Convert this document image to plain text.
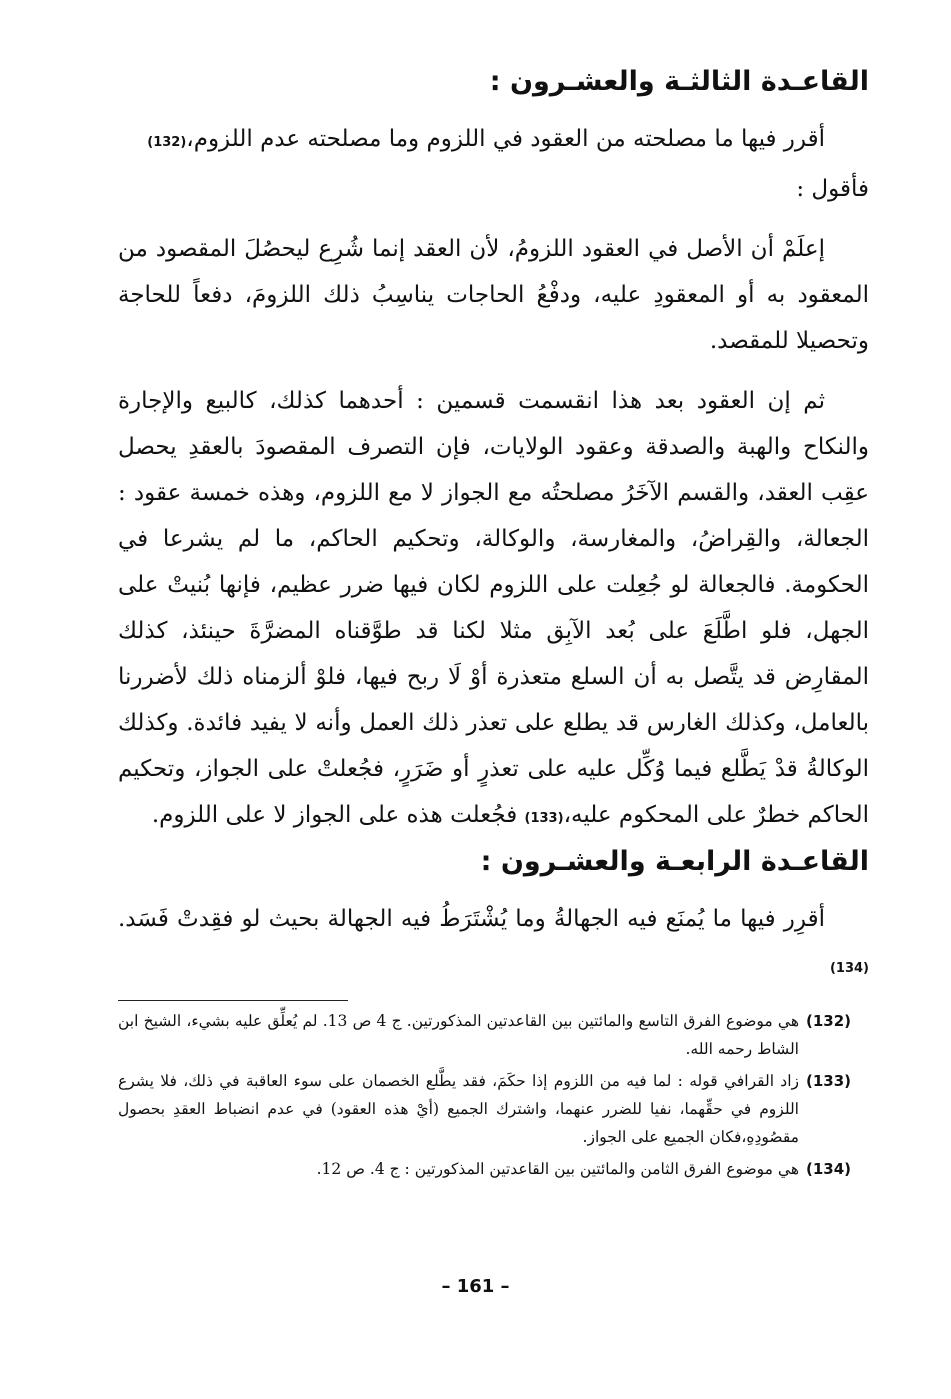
القاعـدة الثالثـة والعشـرون :

أقرر فيها ما مصلحته من العقود في اللزوم وما مصلحته عدم اللزوم،(132)

فأقول :

إعلَمْ أن الأصل في العقود اللزومُ، لأن العقد إنما شُرِع ليحصُلَ المقصود من المعقود به أو المعقودِ عليه، ودفْعُ الحاجات يناسِبُ ذلك اللزومَ، دفعاً للحاجة وتحصيلا للمقصد.

ثم إن العقود بعد هذا انقسمت قسمين : أحدهما كذلك، كالبيع والإجارة والنكاح والهبة والصدقة وعقود الولايات، فإن التصرف المقصودَ بالعقدِ يحصل عقِب العقد، والقسم الآخَرُ مصلحتُه مع الجواز لا مع اللزوم، وهذه خمسة عقود : الجعالة، والقِراضُ، والمغارسة، والوكالة، وتحكيم الحاكم، ما لم يشرعا في الحكومة. فالجعالة لو جُعِلت على اللزوم لكان فيها ضرر عظيم، فإنها بُنيتْ على الجهل، فلو اطَّلَعَ على بُعد الآبِق مثلا لكنا قد طوَّقناه المضرَّةَ حينئذ، كذلك المقارِض قد يتَّصل به أن السلع متعذرة أوْ لَا ربح فيها، فلوْ ألزمناه ذلك لأضررنا بالعامل، وكذلك الغارس قد يطلع على تعذر ذلك العمل وأنه لا يفيد فائدة. وكذلك الوكالةُ قدْ يَطَّلع فيما وُكِّل عليه على تعذرٍ أو ضَرَرٍ، فجُعلتْ على الجواز، وتحكيم الحاكم خطرٌ على المحكوم عليه،(133) فجُعلت هذه على الجواز لا على اللزوم.

القاعـدة الرابعـة والعشـرون :

أقرِر فيها ما يُمنَع فيه الجهالةُ وما يُشْتَرَطُ فيه الجهالة بحيث لو فقِدتْ فَسَد.(134)

(132)
هي موضوع الفرق التاسع والمائتين بين القاعدتين المذكورتين. ج 4 ص 13. لم يُعلِّق عليه بشيء، الشيخ ابن الشاط رحمه الله.
(133)
زاد القرافي قوله : لما فيه من اللزوم إذا حكَمَ، فقد يطَّلع الخصمان على سوء العاقبة في ذلك، فلا يشرع اللزوم في حقِّهما، نفيا للضرر عنهما، واشترك الجميع (أيْ هذه العقود) في عدم انضباط العقدِ بحصول مقصُودِهِ،فكان الجميع على الجواز.
(134)
هي موضوع الفرق الثامن والمائتين بين القاعدتين المذكورتين : ج 4. ص 12.
– 161 –
